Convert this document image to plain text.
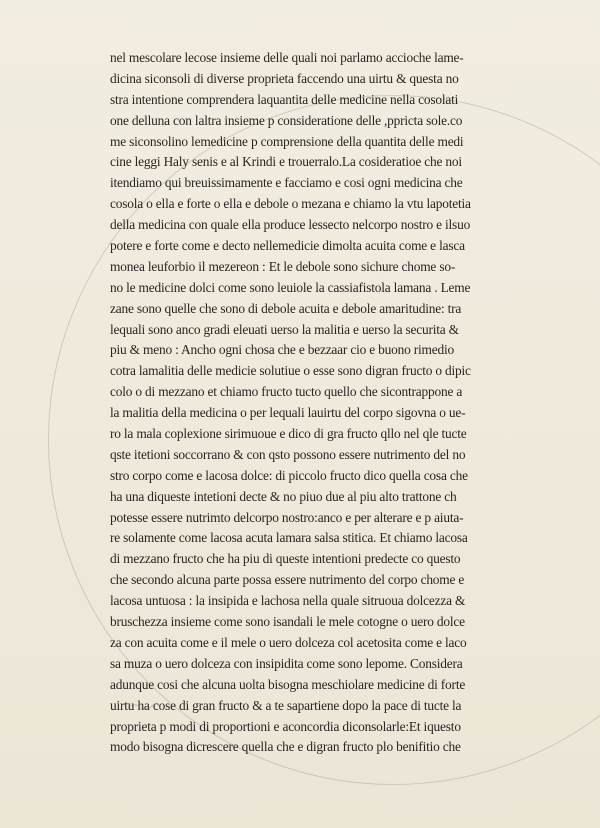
nel mescolare lecose insieme delle quali noi parlamo accioche lame-
dicina siconsoli di diverse proprieta faccendo una uirtu & questa no
stra intentione comprendera laquantita delle medicine nella cosolati
one delluna con laltra insieme p consideratione delle ,ppricta sole.co
me siconsolino lemedicine p comprensione della quantita delle medi
cine leggi Haly senis e al Krindi e trouerralo.La cosideratioe che noi
itendiamo qui breuissimamente e facciamo e cosi ogni medicina che
cosola o ella e forte o ella e debole o mezana e chiamo la vtu lapotetia
della medicina con quale ella produce lessecto nelcorpo nostro e ilsuo
potere e forte come e decto nellemedicie dimolta acuita come e lasca
monea leuforbio il mezereon : Et le debole sono sichure chome so-
no le medicine dolci come sono leuiole la cassiafistola lamana . Leme
zane sono quelle che sono di debole acuita e debole amaritudine: tra
lequali sono anco gradi eleuati uerso la malitia e uerso la securita &
piu & meno : Ancho ogni chosa che e bezzaar cio e buono rimedio
cotra lamalitia delle medicie solutiue o esse sono digran fructo o dipic
colo o di mezzano et chiamo fructo tucto quello che sicontrappone a
la malitia della medicina o per lequali lauirtu del corpo sigovna o ue-
ro la mala coplexione sirimuoue e dico di gra fructo qllo nel qle tucte
qste itetioni soccorrano & con qsto possono essere nutrimento del no
stro corpo come e lacosa dolce: di piccolo fructo dico quella cosa che
ha una diqueste intetioni decte & no piuo due al piu alto trattone ch
potesse essere nutrimto delcorpo nostro:anco e per alterare e p aiuta-
re solamente come lacosa acuta lamara salsa stitica. Et chiamo lacosa
di mezzano fructo che ha piu di queste intentioni predecte co questo
che secondo alcuna parte possa essere nutrimento del corpo chome e
lacosa untuosa : la insipida e lachosa nella quale sitruoua dolcezza &
bruschezza insieme come sono isandali le mele cotogne o uero dolce
za con acuita come e il mele o uero dolceza col acetosita come e laco
sa muza o uero dolceza con insipidita come sono lepome. Considera
adunque cosi che alcuna uolta bisogna meschiolare medicine di forte
uirtu ha cose di gran fructo & a te sapartiene dopo la pace di tucte la
proprieta p modi di proportioni e aconcordia diconsolarle:Et iquesto
modo bisogna dicrescere quella che e digran fructo plo benifitio che
